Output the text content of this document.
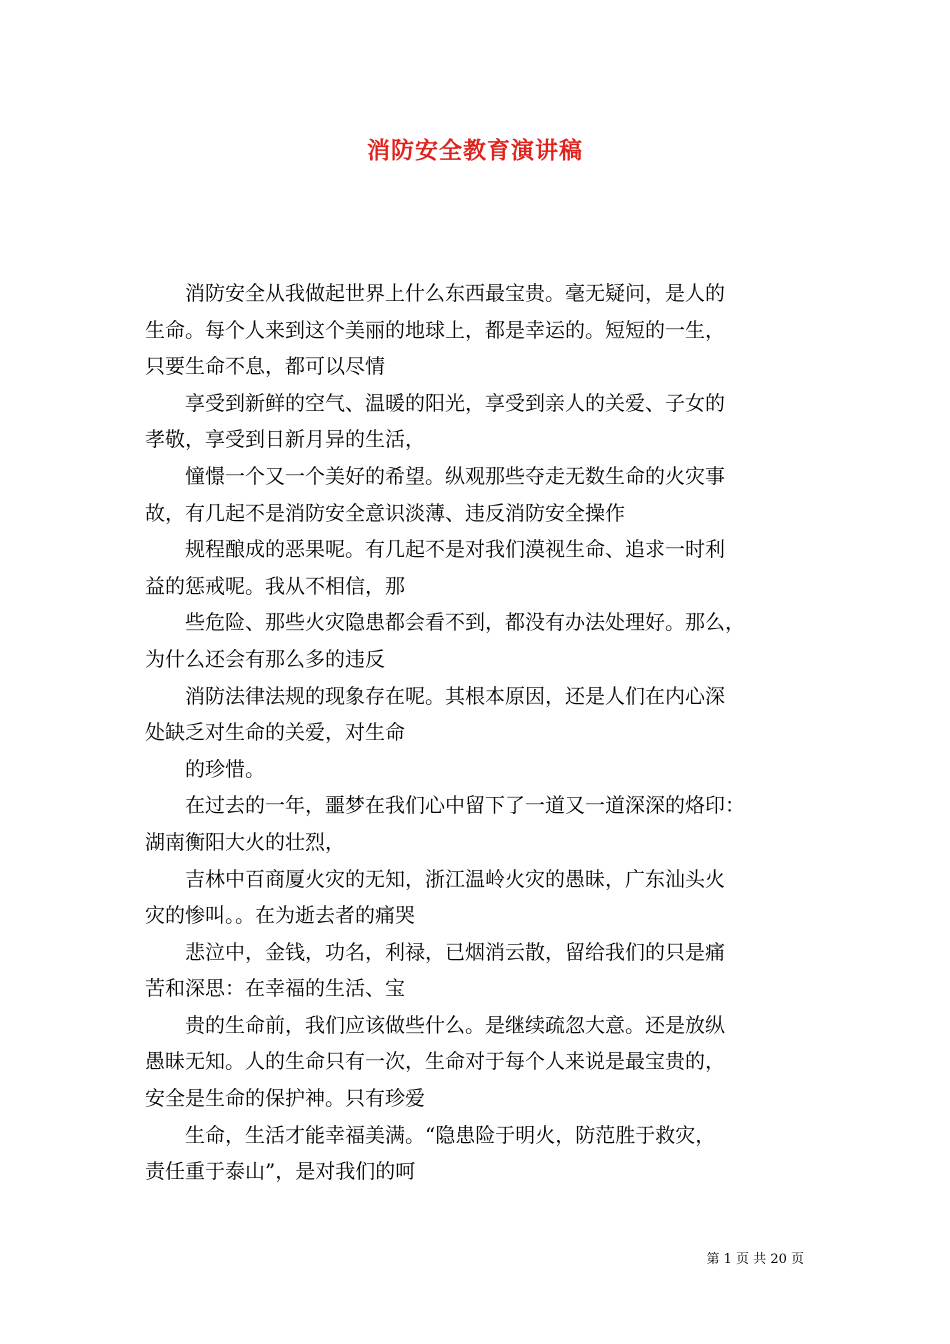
消防安全教育演讲稿

消防安全从我做起世界上什么东西最宝贵。毫无疑问，是人的
生命。每个人来到这个美丽的地球上，都是幸运的。短短的一生，
只要生命不息，都可以尽情

享受到新鲜的空气、温暖的阳光，享受到亲人的关爱、子女的
孝敬，享受到日新月异的生活，

憧憬一个又一个美好的希望。纵观那些夺走无数生命的火灾事
故，有几起不是消防安全意识淡薄、违反消防安全操作

规程酿成的恶果呢。有几起不是对我们漠视生命、追求一时利
益的惩戒呢。我从不相信，那

些危险、那些火灾隐患都会看不到，都没有办法处理好。那么，
为什么还会有那么多的违反

消防法律法规的现象存在呢。其根本原因，还是人们在内心深
处缺乏对生命的关爱，对生命

的珍惜。

在过去的一年，噩梦在我们心中留下了一道又一道深深的烙印：
湖南衡阳大火的壮烈，

吉林中百商厦火灾的无知，浙江温岭火灾的愚昧，广东汕头火
灾的惨叫。。在为逝去者的痛哭

悲泣中，金钱，功名，利禄，已烟消云散，留给我们的只是痛
苦和深思：在幸福的生活、宝

贵的生命前，我们应该做些什么。是继续疏忽大意。还是放纵
愚昧无知。人的生命只有一次，生命对于每个人来说是最宝贵的，
安全是生命的保护神。只有珍爱

生命，生活才能幸福美满。“隐患险于明火，防范胜于救灾，
责任重于泰山”，是对我们的呵

第 1 页 共 20 页
